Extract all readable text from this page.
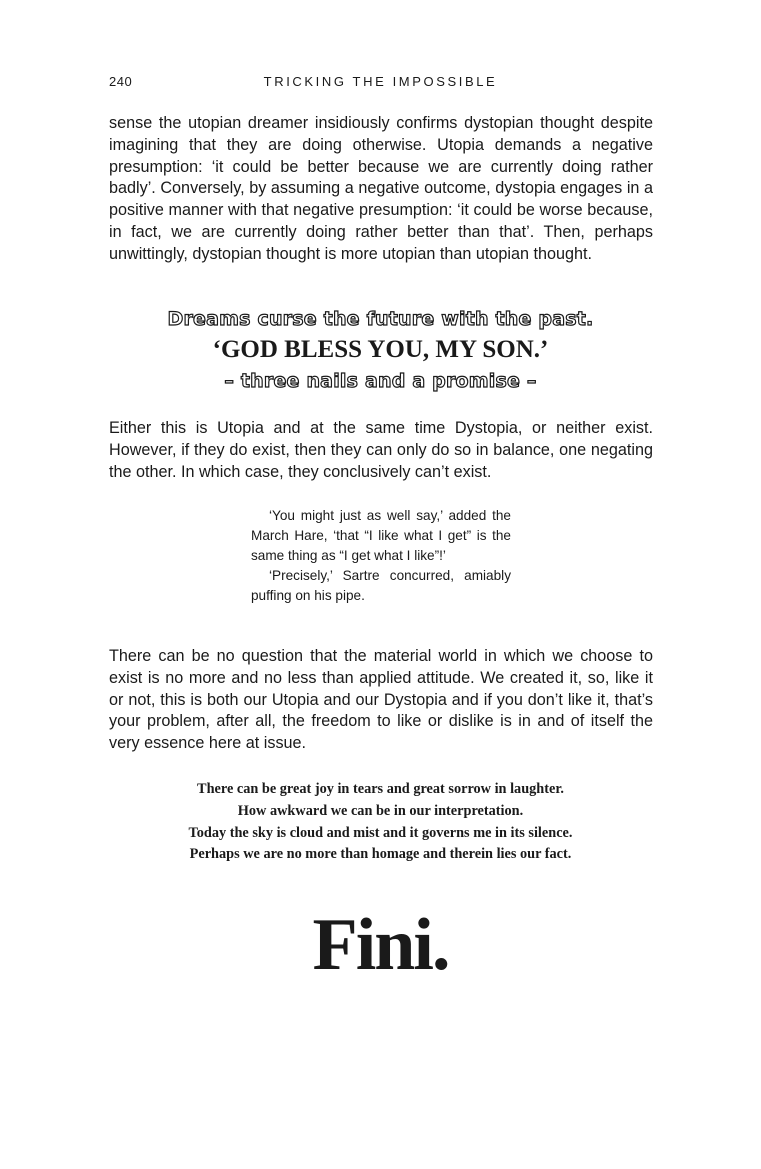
240	TRICKING THE IMPOSSIBLE

sense the utopian dreamer insidiously confirms dystopian thought despite imagining that they are doing otherwise. Utopia demands a negative presumption: ‘it could be better because we are currently doing rather badly’. Conversely, by assuming a negative outcome, dystopia engages in a positive manner with that negative presumption: ‘it could be worse because, in fact, we are currently doing rather better than that’. Then, perhaps unwittingly, dystopian thought is more utopian than utopian thought.

Dreams curse the future with the past.
‘GOD BLESS YOU, MY SON.’
– three nails and a promise –

Either this is Utopia and at the same time Dystopia, or neither exist. However, if they do exist, then they can only do so in balance, one negating the other. In which case, they conclusively can’t exist.

‘You might just as well say,’ added the March Hare, ‘that “I like what I get” is the same thing as “I get what I like”!’

‘Precisely,’ Sartre concurred, amiably puffing on his pipe.

There can be no question that the material world in which we choose to exist is no more and no less than applied attitude. We created it, so, like it or not, this is both our Utopia and our Dystopia and if you don’t like it, that’s your problem, after all, the freedom to like or dislike is in and of itself the very essence here at issue.

There can be great joy in tears and great sorrow in laughter.
How awkward we can be in our interpretation.
Today the sky is cloud and mist and it governs me in its silence.
Perhaps we are no more than homage and therein lies our fact.
Fini.
